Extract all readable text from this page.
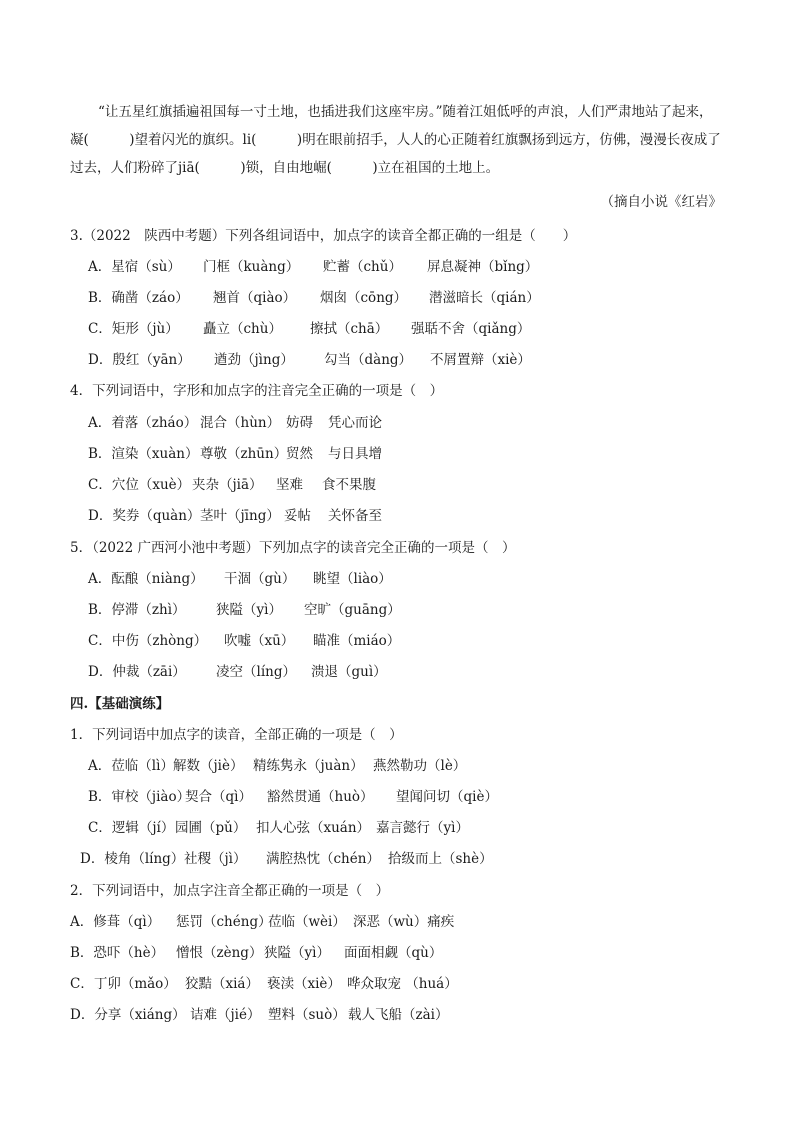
“让五星红旗插遍祖国每一寸土地，也插进我们这座牢房。”随着江姐低呼的声浪，人们严肃地站了起来，凝(　　　)望着闪光的旗织。li(　　　)明在眼前招手，人人的心正随着红旗飘扬到远方，仿佛，漫漫长夜成了过去，人们粉碎了jiā(　　　)锁，自由地崛(　　　)立在祖国的土地上。
（摘自小说《红岩》
3.（2022　陕西中考题）下列各组词语中，加点字的读音全都正确的一组是（　　）
A．星宿（sù） 门框（kuàng） 贮蓄（chǔ） 屏息凝神（bǐng）
B．确凿（záo） 翘首（qiào） 烟囱（cōng） 潜滋暗长（qián）
C．矩形（jù） 矗立（chù） 擦拭（chā） 强聒不舍（qiǎng）
D．殷红（yān） 遒劲（jìng） 勾当（dàng） 不屑置辩（xiè）
4．下列词语中，字形和加点字的注音完全正确的一项是（　）
A．着落（zháo） 混合（hùn） 妨碍 凭心而论
B．渲染（xuàn） 尊敬（zhūn）贸然 与日具增
C．穴位（xuè） 夹杂（jiā） 坚难 食不果腹
D．奖券（quàn）茎叶（jīng） 妥帖 关怀备至
5．（2022 广西河小池中考题）下列加点字的读音完全正确的一项是（　）
A．酝酿（niàng） 干涸（gù） 眺望（liào）
B．停滞（zhì） 狭隘（yì） 空旷（guāng）
C．中伤（zhòng） 吹嘘（xū） 瞄准（miáo）
D．仲裁（zāi） 凌空（líng） 溃退（guì）
四.【基础演练】
1．下列词语中加点字的读音，全部正确的一项是（　）
A．莅临（lì）解数（jiè） 精练隽永（juàn） 燕然勒功（lè）
B．审校（jiào）契合（qì） 豁然贯通（huò） 望闻问切（qiè）
C．逻辑（jí）园圃（pǔ） 扣人心弦（xuán） 嘉言懿行（yì）
D．棱角（líng）社稷（jì） 满腔热忱（chén） 拾级而上（shè）
2．下列词语中，加点字注音全都正确的一项是（　）
A．修葺（qì） 惩罚（chéng）莅临（wèi） 深恶（wù）痛疾
B．恐吓（hè） 憎恨（zèng） 狭隘（yì） 面面相觑（qù）
C．丁卯（mǎo） 狡黠（xiá） 亵渎（xiè） 哗众取宠 （huá）
D．分享（xiáng） 诘难（jié） 塑料（suò） 载人飞船（zài）
